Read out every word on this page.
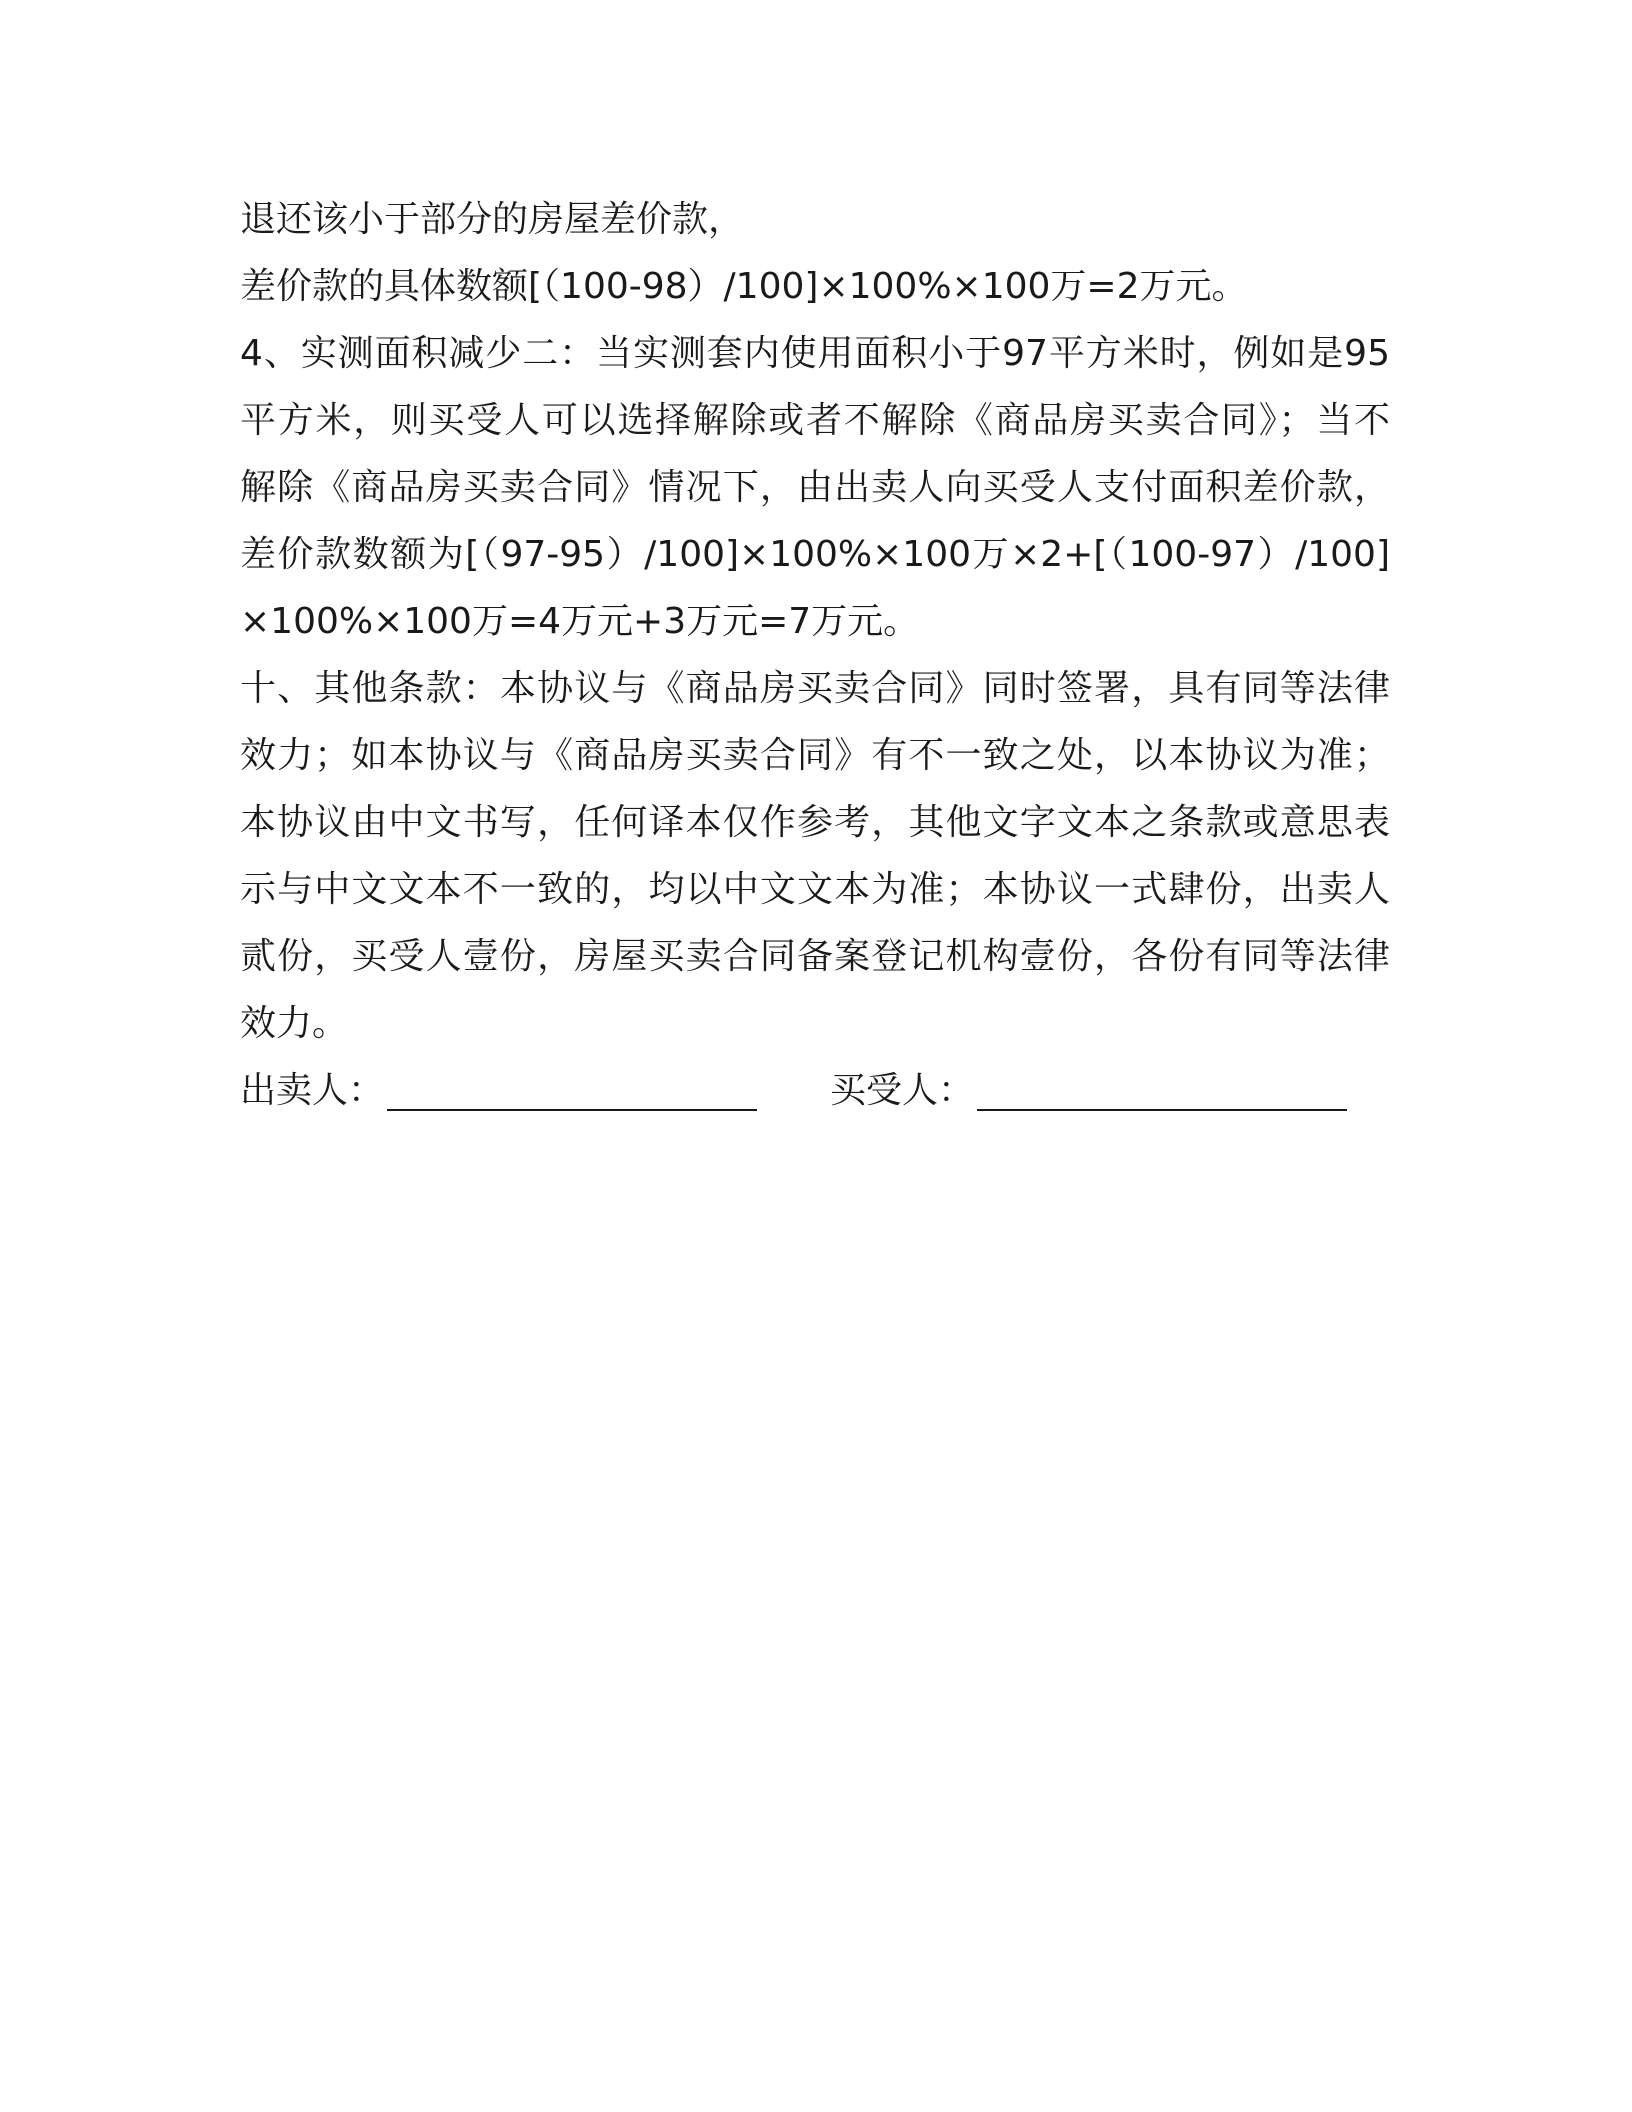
退还该小于部分的房屋差价款，
差价款的具体数额[（100-98）/100]×100%×100万=2万元。
4、实测面积减少二：当实测套内使用面积小于97平方米时，例如是95
平方米，则买受人可以选择解除或者不解除《商品房买卖合同》；当不
解除《商品房买卖合同》情况下，由出卖人向买受人支付面积差价款，
差价款数额为[（97-95）/100]×100%×100万×2+[（100-97）/100]
×100%×100万=4万元+3万元=7万元。
十、其他条款：本协议与《商品房买卖合同》同时签署，具有同等法律
效力；如本协议与《商品房买卖合同》有不一致之处，以本协议为准；
本协议由中文书写，任何译本仅作参考，其他文字文本之条款或意思表
示与中文文本不一致的，均以中文文本为准；本协议一式肆份，出卖人
贰份，买受人壹份，房屋买卖合同备案登记机构壹份，各份有同等法律
效力。
出卖人：	买受人：
